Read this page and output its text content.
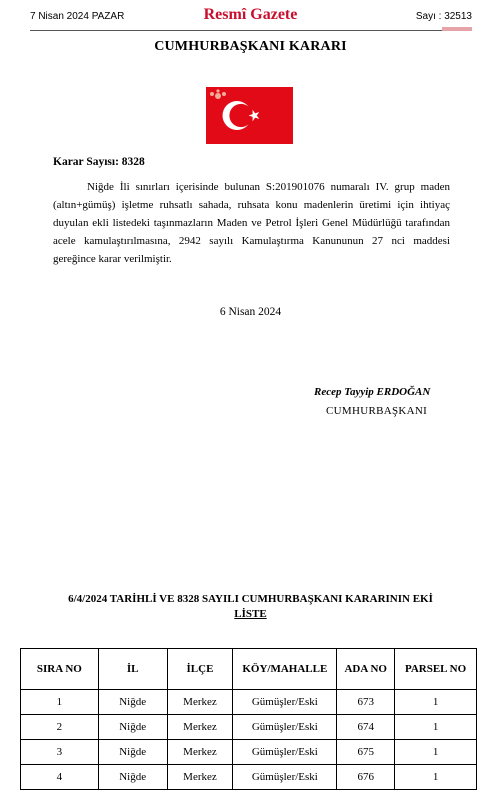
7 Nisan 2024 PAZAR	Resmî Gazete	Sayı : 32513
CUMHURBAŞKANI KARARI
Karar Sayısı: 8328

Niğde İli sınırları içerisinde bulunan S:201901076 numaralı IV. grup maden (altın+gümüş) işletme ruhsatlı sahada, ruhsata konu madenlerin üretimi için ihtiyaç duyulan ekli listedeki taşınmazların Maden ve Petrol İşleri Genel Müdürlüğü tarafından acele kamulaştırılmasına, 2942 sayılı Kamulaştırma Kanununun 27 nci maddesi gereğince karar verilmiştir.

6 Nisan 2024
Recep Tayyip ERDOĞAN
CUMHURBAŞKANI
6/4/2024 TARİHLİ VE 8328 SAYILI CUMHURBAŞKANI KARARININ EKİ
LİSTE
SIRA NO	İL	İLÇE	KÖY/MAHALLE	ADA NO	PARSEL NO
1	Niğde	Merkez	Gümüşler/Eski	673	1
2	Niğde	Merkez	Gümüşler/Eski	674	1
3	Niğde	Merkez	Gümüşler/Eski	675	1
4	Niğde	Merkez	Gümüşler/Eski	676	1
